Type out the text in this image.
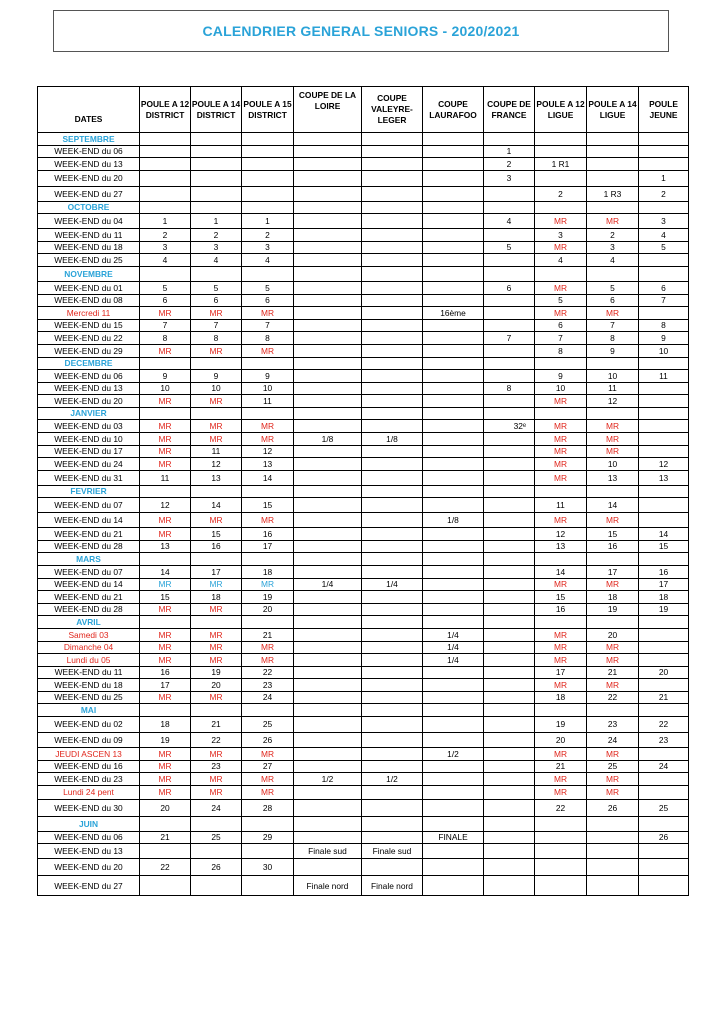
CALENDRIER GENERAL SENIORS - 2020/2021
DATES	POULE A 12 DISTRICT	POULE A 14 DISTRICT	POULE A 15 DISTRICT	COUPE DE LA LOIRE	COUPE VALEYRE-LEGER	COUPE LAURAFOO	COUPE DE FRANCE	POULE A 12 LIGUE	POULE A 14 LIGUE	POULE JEUNE
SEPTEMBRE										
WEEK-END du 06							1			
WEEK-END du 13							2	1 R1		
WEEK-END du 20							3			1
WEEK-END du 27								2	1 R3	2
OCTOBRE										
WEEK-END du 04	1	1	1				4	MR	MR	3
WEEK-END du 11	2	2	2					3	2	4
WEEK-END du 18	3	3	3				5	MR	3	5
WEEK-END du 25	4	4	4					4	4	
NOVEMBRE										
WEEK-END du 01	5	5	5				6	MR	5	6
WEEK-END du 08	6	6	6					5	6	7
Mercredi 11	MR	MR	MR			16ème		MR	MR	
WEEK-END du 15	7	7	7					6	7	8
WEEK-END du 22	8	8	8				7	7	8	9
WEEK-END du 29	MR	MR	MR					8	9	10
DECEMBRE										
WEEK-END du 06	9	9	9					9	10	11
WEEK-END du 13	10	10	10				8	10	11	
WEEK-END du 20	MR	MR	11					MR	12	
JANVIER										
WEEK-END du 03	MR	MR	MR				32ᵉ	MR	MR	
WEEK-END du 10	MR	MR	MR	1/8	1/8			MR	MR	
WEEK-END du 17	MR	11	12					MR	MR	
WEEK-END du 24	MR	12	13					MR	10	12
WEEK-END du 31	11	13	14					MR	13	13
FEVRIER										
WEEK-END du 07	12	14	15					11	14	
WEEK-END du 14	MR	MR	MR			1/8		MR	MR	
WEEK-END du 21	MR	15	16					12	15	14
WEEK-END du 28	13	16	17					13	16	15
MARS										
WEEK-END du 07	14	17	18					14	17	16
WEEK-END du 14	MR	MR	MR	1/4	1/4			MR	MR	17
WEEK-END du 21	15	18	19					15	18	18
WEEK-END du 28	MR	MR	20					16	19	19
AVRIL										
Samedi 03	MR	MR	21			1/4		MR	20	
Dimanche 04	MR	MR	MR			1/4		MR	MR	
Lundi du 05	MR	MR	MR			1/4		MR	MR	
WEEK-END du 11	16	19	22					17	21	20
WEEK-END du 18	17	20	23					MR	MR	
WEEK-END du 25	MR	MR	24					18	22	21
MAI										
WEEK-END du 02	18	21	25					19	23	22
WEEK-END du 09	19	22	26					20	24	23
JEUDI ASCEN 13	MR	MR	MR			1/2		MR	MR	
WEEK-END du 16	MR	23	27					21	25	24
WEEK-END du 23	MR	MR	MR	1/2	1/2			MR	MR	
Lundi 24 pent	MR	MR	MR					MR	MR	
WEEK-END du 30	20	24	28					22	26	25
JUIN										
WEEK-END du 06	21	25	29			FINALE				26
WEEK-END du 13				Finale sud	Finale sud					
WEEK-END du 20	22	26	30							
WEEK-END du 27				Finale nord	Finale nord					
